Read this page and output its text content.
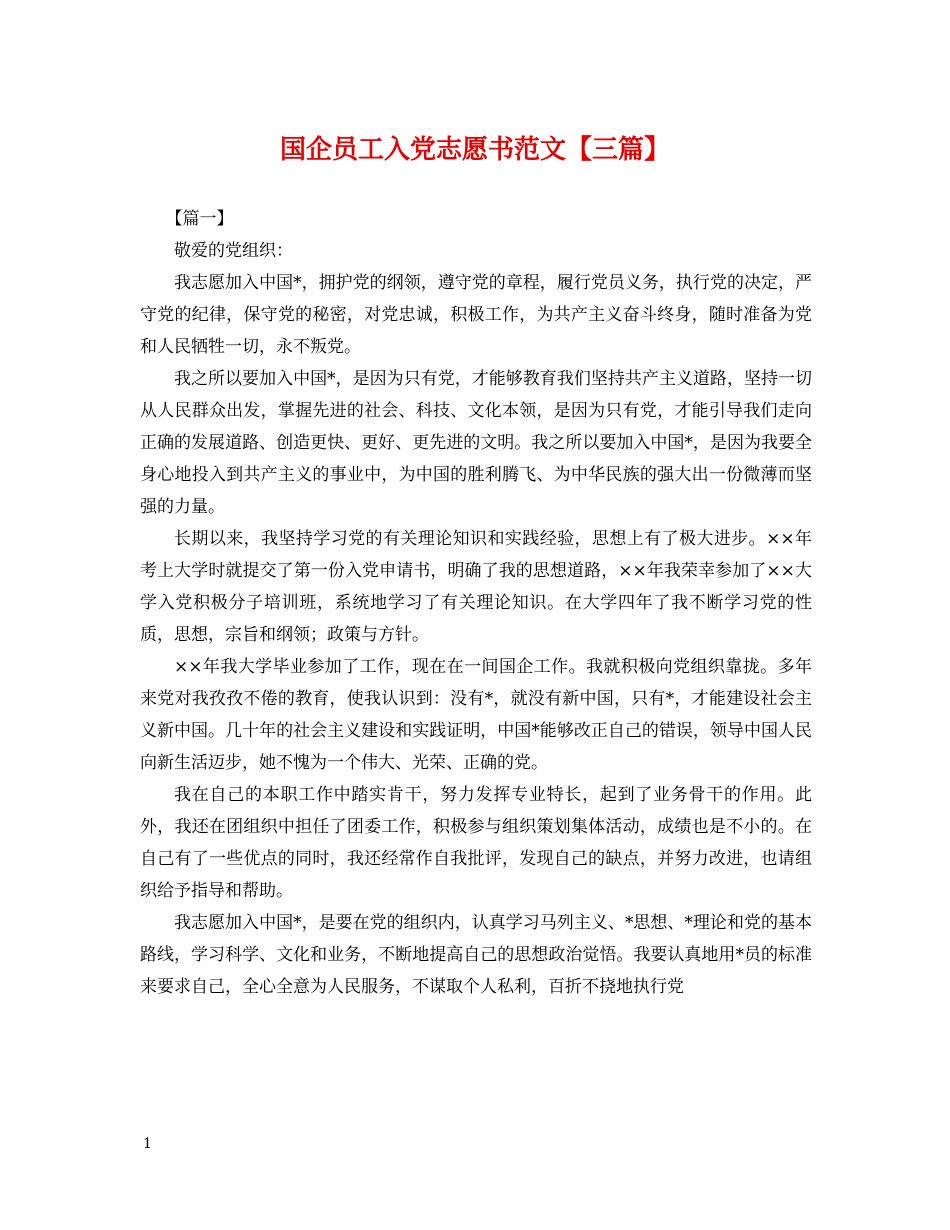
国企员工入党志愿书范文【三篇】

【篇一】

敬爱的党组织：

我志愿加入中国*，拥护党的纲领，遵守党的章程，履行党员义务，执行党的决定，严守党的纪律，保守党的秘密，对党忠诚，积极工作，为共产主义奋斗终身，随时准备为党和人民牺牲一切，永不叛党。

我之所以要加入中国*，是因为只有党，才能够教育我们坚持共产主义道路，坚持一切从人民群众出发，掌握先进的社会、科技、文化本领，是因为只有党，才能引导我们走向正确的发展道路、创造更快、更好、更先进的文明。我之所以要加入中国*，是因为我要全身心地投入到共产主义的事业中，为中国的胜利腾飞、为中华民族的强大出一份微薄而坚强的力量。

长期以来，我坚持学习党的有关理论知识和实践经验，思想上有了极大进步。××年考上大学时就提交了第一份入党申请书，明确了我的思想道路，××年我荣幸参加了××大学入党积极分子培训班，系统地学习了有关理论知识。在大学四年了我不断学习党的性质，思想，宗旨和纲领；政策与方针。

××年我大学毕业参加了工作，现在在一间国企工作。我就积极向党组织靠拢。多年来党对我孜孜不倦的教育，使我认识到：没有*，就没有新中国，只有*，才能建设社会主义新中国。几十年的社会主义建设和实践证明，中国*能够改正自己的错误，领导中国人民向新生活迈步，她不愧为一个伟大、光荣、正确的党。

我在自己的本职工作中踏实肯干，努力发挥专业特长，起到了业务骨干的作用。此外，我还在团组织中担任了团委工作，积极参与组织策划集体活动，成绩也是不小的。在自己有了一些优点的同时，我还经常作自我批评，发现自己的缺点，并努力改进，也请组织给予指导和帮助。

我志愿加入中国*，是要在党的组织内，认真学习马列主义、*思想、*理论和党的基本路线，学习科学、文化和业务，不断地提高自己的思想政治觉悟。我要认真地用*员的标准来要求自己，全心全意为人民服务，不谋取个人私利，百折不挠地执行党

1
